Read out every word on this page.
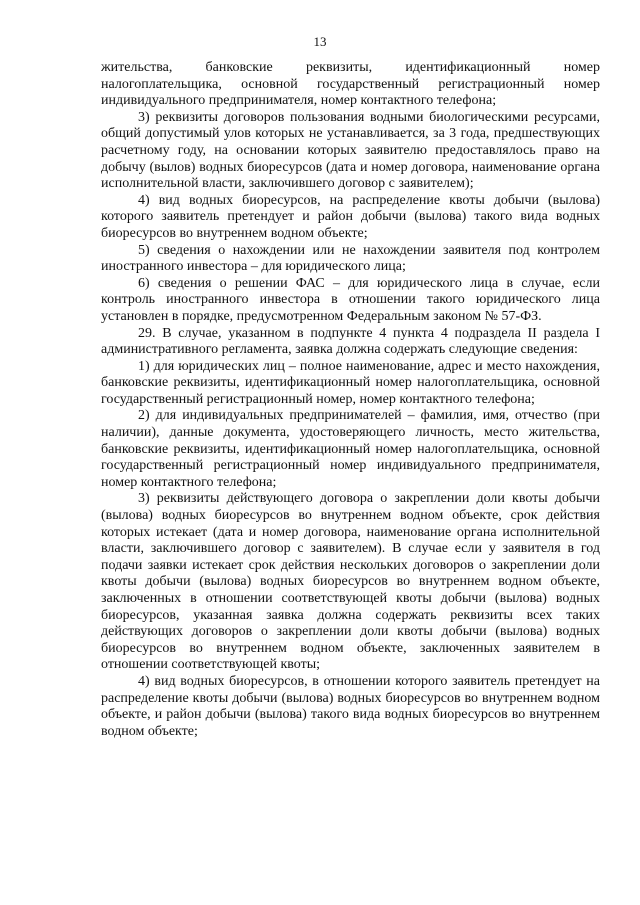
13

жительства, банковские реквизиты, идентификационный номер налогоплательщика, основной государственный регистрационный номер индивидуального предпринимателя, номер контактного телефона;

3) реквизиты договоров пользования водными биологическими ресурсами, общий допустимый улов которых не устанавливается, за 3 года, предшествующих расчетному году, на основании которых заявителю предоставлялось право на добычу (вылов) водных биоресурсов (дата и номер договора, наименование органа исполнительной власти, заключившего договор с заявителем);

4) вид водных биоресурсов, на распределение квоты добычи (вылова) которого заявитель претендует и район добычи (вылова) такого вида водных биоресурсов во внутреннем водном объекте;

5) сведения о нахождении или не нахождении заявителя под контролем иностранного инвестора – для юридического лица;

6) сведения о решении ФАС – для юридического лица в случае, если контроль иностранного инвестора в отношении такого юридического лица установлен в порядке, предусмотренном Федеральным законом № 57-ФЗ.

29. В случае, указанном в подпункте 4 пункта 4 подраздела II раздела I административного регламента, заявка должна содержать следующие сведения:

1) для юридических лиц – полное наименование, адрес и место нахождения, банковские реквизиты, идентификационный номер налогоплательщика, основной государственный регистрационный номер, номер контактного телефона;

2) для индивидуальных предпринимателей – фамилия, имя, отчество (при наличии), данные документа, удостоверяющего личность, место жительства, банковские реквизиты, идентификационный номер налогоплательщика, основной государственный регистрационный номер индивидуального предпринимателя, номер контактного телефона;

3) реквизиты действующего договора о закреплении доли квоты добычи (вылова) водных биоресурсов во внутреннем водном объекте, срок действия которых истекает (дата и номер договора, наименование органа исполнительной власти, заключившего договор с заявителем). В случае если у заявителя в год подачи заявки истекает срок действия нескольких договоров о закреплении доли квоты добычи (вылова) водных биоресурсов во внутреннем водном объекте, заключенных в отношении соответствующей квоты добычи (вылова) водных биоресурсов, указанная заявка должна содержать реквизиты всех таких действующих договоров о закреплении доли квоты добычи (вылова) водных биоресурсов во внутреннем водном объекте, заключенных заявителем в отношении соответствующей квоты;

4) вид водных биоресурсов, в отношении которого заявитель претендует на распределение квоты добычи (вылова) водных биоресурсов во внутреннем водном объекте, и район добычи (вылова) такого вида водных биоресурсов во внутреннем водном объекте;
